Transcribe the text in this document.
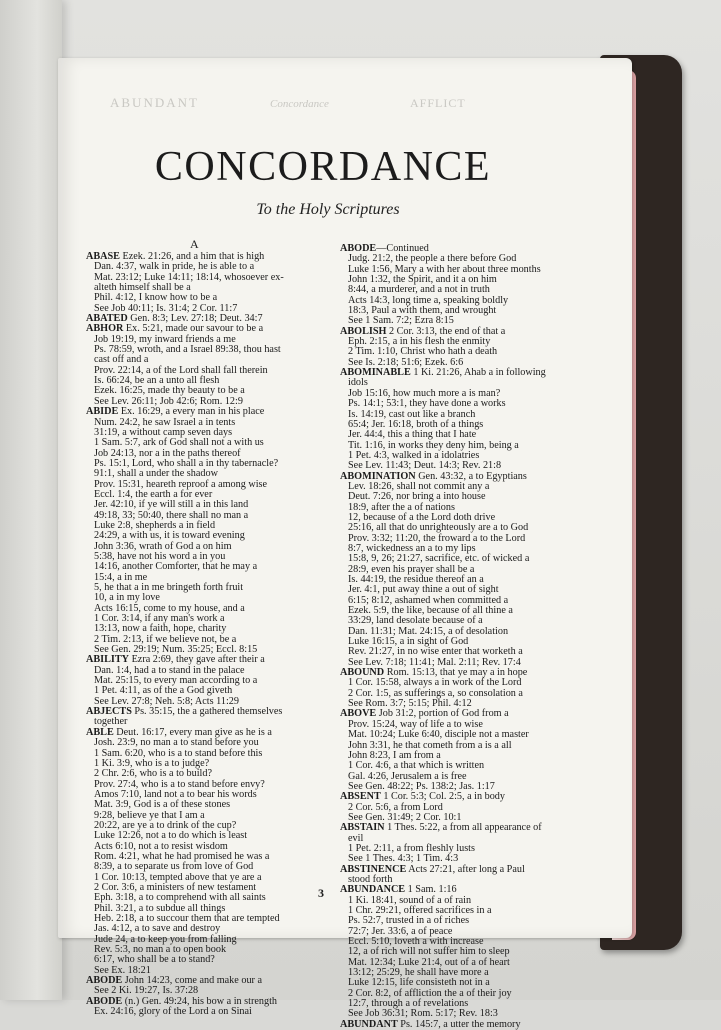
ABUNDANT	Concordance	AFFLICT
CONCORDANCE

To the Holy Scriptures

A
ABASE Ezek. 21:26, and a him that is high
Dan. 4:37, walk in pride, he is able to a
Mat. 23:12; Luke 14:11; 18:14, whosoever ex-
alteth himself shall be a
Phil. 4:12, I know how to be a
See Job 40:11; Is. 31:4; 2 Cor. 11:7
ABATED Gen. 8:3; Lev. 27:18; Deut. 34:7
ABHOR Ex. 5:21, made our savour to be a
Job 19:19, my inward friends a me
Ps. 78:59, wroth, and a Israel 89:38, thou hast
cast off and a
Prov. 22:14, a of the Lord shall fall therein
Is. 66:24, be an a unto all flesh
Ezek. 16:25, made thy beauty to be a
See Lev. 26:11; Job 42:6; Rom. 12:9
ABIDE Ex. 16:29, a every man in his place
Num. 24:2, he saw Israel a in tents
31:19, a without camp seven days
1 Sam. 5:7, ark of God shall not a with us
Job 24:13, nor a in the paths thereof
Ps. 15:1, Lord, who shall a in thy tabernacle?
91:1, shall a under the shadow
Prov. 15:31, heareth reproof a among wise
Eccl. 1:4, the earth a for ever
Jer. 42:10, if ye will still a in this land
49:18, 33; 50:40, there shall no man a
Luke 2:8, shepherds a in field
24:29, a with us, it is toward evening
John 3:36, wrath of God a on him
5:38, have not his word a in you
14:16, another Comforter, that he may a
15:4, a in me
5, he that a in me bringeth forth fruit
10, a in my love
Acts 16:15, come to my house, and a
1 Cor. 3:14, if any man's work a
13:13, now a faith, hope, charity
2 Tim. 2:13, if we believe not, be a
See Gen. 29:19; Num. 35:25; Eccl. 8:15
ABILITY Ezra 2:69, they gave after their a
Dan. 1:4, had a to stand in the palace
Mat. 25:15, to every man according to a
1 Pet. 4:11, as of the a God giveth
See Lev. 27:8; Neh. 5:8; Acts 11:29
ABJECTS Ps. 35:15, the a gathered themselves
together
ABLE Deut. 16:17, every man give as he is a
Josh. 23:9, no man a to stand before you
1 Sam. 6:20, who is a to stand before this
1 Ki. 3:9, who is a to judge?
2 Chr. 2:6, who is a to build?
Prov. 27:4, who is a to stand before envy?
Amos 7:10, land not a to bear his words
Mat. 3:9, God is a of these stones
9:28, believe ye that I am a
20:22, are ye a to drink of the cup?
Luke 12:26, not a to do which is least
Acts 6:10, not a to resist wisdom
Rom. 4:21, what he had promised he was a
8:39, a to separate us from love of God
1 Cor. 10:13, tempted above that ye are a
2 Cor. 3:6, a ministers of new testament
Eph. 3:18, a to comprehend with all saints
Phil. 3:21, a to subdue all things
Heb. 2:18, a to succour them that are tempted
Jas. 4:12, a to save and destroy
Jude 24, a to keep you from falling
Rev. 5:3, no man a to open book
6:17, who shall be a to stand?
See Ex. 18:21
ABODE John 14:23, come and make our a
See 2 Ki. 19:27, Is. 37:28
ABODE (n.) Gen. 49:24, his bow a in strength
Ex. 24:16, glory of the Lord a on Sinai
ABODE—Continued
Judg. 21:2, the people a there before God
Luke 1:56, Mary a with her about three months
John 1:32, the Spirit, and it a on him
8:44, a murderer, and a not in truth
Acts 14:3, long time a, speaking boldly
18:3, Paul a with them, and wrought
See 1 Sam. 7:2; Ezra 8:15
ABOLISH 2 Cor. 3:13, the end of that a
Eph. 2:15, a in his flesh the enmity
2 Tim. 1:10, Christ who hath a death
See Is. 2:18; 51:6; Ezek. 6:6
ABOMINABLE 1 Ki. 21:26, Ahab a in following
idols
Job 15:16, how much more a is man?
Ps. 14:1; 53:1, they have done a works
Is. 14:19, cast out like a branch
65:4; Jer. 16:18, broth of a things
Jer. 44:4, this a thing that I hate
Tit. 1:16, in works they deny him, being a
1 Pet. 4:3, walked in a idolatries
See Lev. 11:43; Deut. 14:3; Rev. 21:8
ABOMINATION Gen. 43:32, a to Egyptians
Lev. 18:26, shall not commit any a
Deut. 7:26, nor bring a into house
18:9, after the a of nations
12, because of a the Lord doth drive
25:16, all that do unrighteously are a to God
Prov. 3:32; 11:20, the froward a to the Lord
8:7, wickedness an a to my lips
15:8, 9, 26; 21:27, sacrifice, etc. of wicked a
28:9, even his prayer shall be a
Is. 44:19, the residue thereof an a
Jer. 4:1, put away thine a out of sight
6:15; 8:12, ashamed when committed a
Ezek. 5:9, the like, because of all thine a
33:29, land desolate because of a
Dan. 11:31; Mat. 24:15, a of desolation
Luke 16:15, a in sight of God
Rev. 21:27, in no wise enter that worketh a
See Lev. 7:18; 11:41; Mal. 2:11; Rev. 17:4
ABOUND Rom. 15:13, that ye may a in hope
1 Cor. 15:58, always a in work of the Lord
2 Cor. 1:5, as sufferings a, so consolation a
See Rom. 3:7; 5:15; Phil. 4:12
ABOVE Job 31:2, portion of God from a
Prov. 15:24, way of life a to wise
Mat. 10:24; Luke 6:40, disciple not a master
John 3:31, he that cometh from a is a all
John 8:23, I am from a
1 Cor. 4:6, a that which is written
Gal. 4:26, Jerusalem a is free
See Gen. 48:22; Ps. 138:2; Jas. 1:17
ABSENT 1 Cor. 5:3; Col. 2:5, a in body
2 Cor. 5:6, a from Lord
See Gen. 31:49; 2 Cor. 10:1
ABSTAIN 1 Thes. 5:22, a from all appearance of
evil
1 Pet. 2:11, a from fleshly lusts
See 1 Thes. 4:3; 1 Tim. 4:3
ABSTINENCE Acts 27:21, after long a Paul
stood forth
ABUNDANCE 1 Sam. 1:16
1 Ki. 18:41, sound of a of rain
1 Chr. 29:21, offered sacrifices in a
Ps. 52:7, trusted in a of riches
72:7; Jer. 33:6, a of peace
Eccl. 5:10, loveth a with increase
12, a of rich will not suffer him to sleep
Mat. 12:34; Luke 21:4, out of a of heart
13:12; 25:29, he shall have more a
Luke 12:15, life consisteth not in a
2 Cor. 8:2, of affliction the a of their joy
12:7, through a of revelations
See Job 36:31; Rom. 5:17; Rev. 18:3
ABUNDANT Ps. 145:7, a utter the memory
3
